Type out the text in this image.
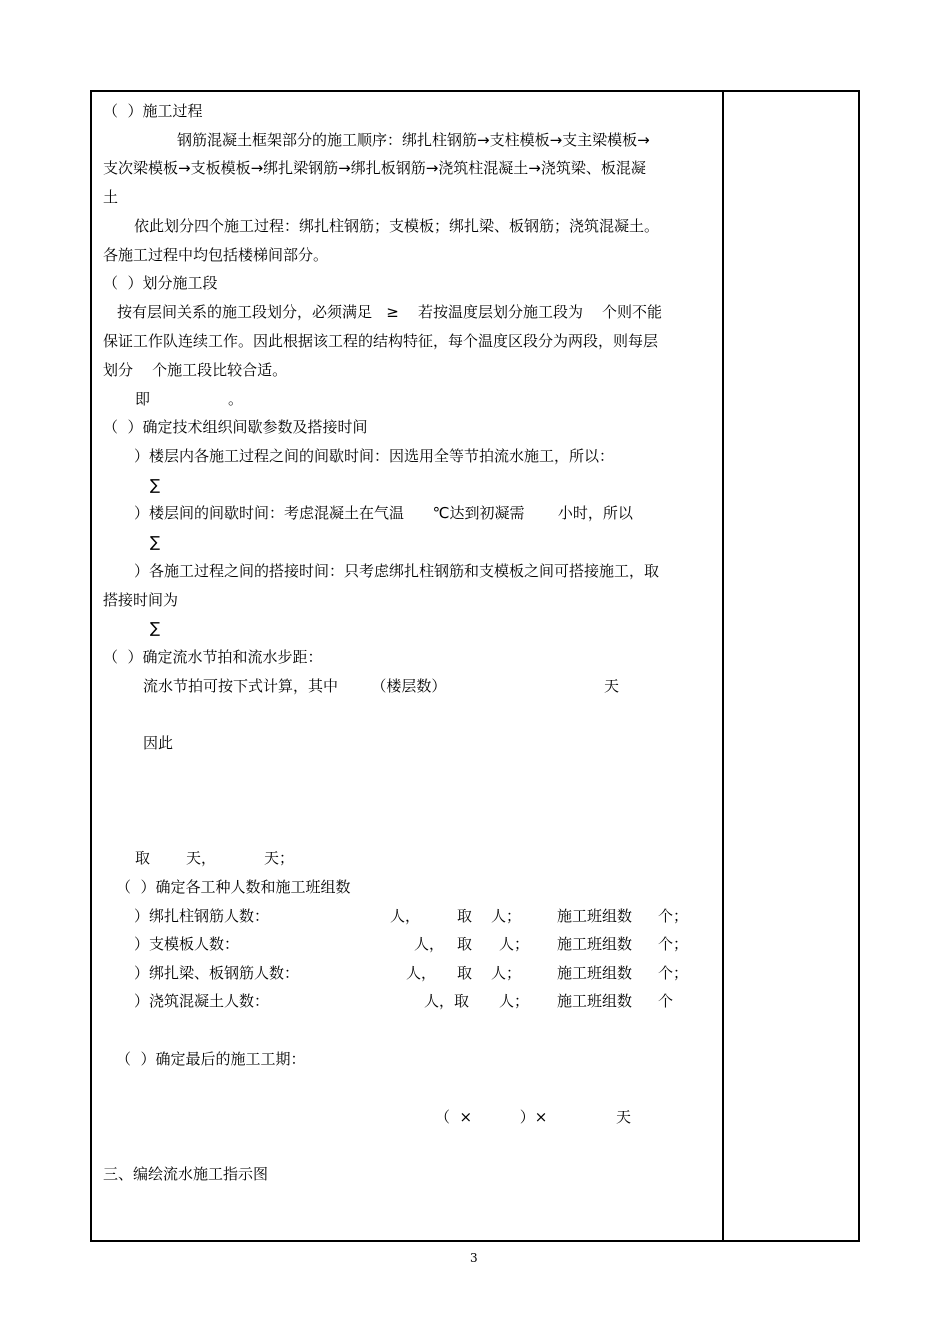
（  ）施工过程
钢筋混凝土框架部分的施工顺序：绑扎柱钢筋→支柱模板→支主梁模板→
支次梁模板→支板模板→绑扎梁钢筋→绑扎板钢筋→浇筑柱混凝土→浇筑梁、板混凝
土
依此划分四个施工过程：绑扎柱钢筋；支模板；绑扎梁、板钢筋；浇筑混凝土。
各施工过程中均包括楼梯间部分。
（  ）划分施工段
按有层间关系的施工段划分，必须满足   ≥    若按温度层划分施工段为    个则不能
保证工作队连续工作。因此根据该工程的结构特征，每个温度区段分为两段，则每层
划分    个施工段比较合适。
即	。
（  ）确定技术组织间歇参数及搭接时间
）楼层内各施工过程之间的间歇时间：因选用全等节拍流水施工，所以：
∑
）楼层间的间歇时间：考虑混凝土在气温      ℃达到初凝需       小时，所以
∑
）各施工过程之间的搭接时间：只考虑绑扎柱钢筋和支模板之间可搭接施工，取
搭接时间为
∑
（  ）确定流水节拍和流水步距：
流水节拍可按下式计算，其中       （楼层数）	天
因此
取 天，	天；
（  ）确定各工种人数和施工班组数
）绑扎柱钢筋人数：	人， 取 人； 施工班组数 个；
）支模板人数：	人， 取 人； 施工班组数 个；
）绑扎梁、板钢筋人数：	人， 取 人； 施工班组数 个；
）浇筑混凝土人数：	人，取 人； 施工班组数 个
（  ）确定最后的施工工期：
（  ×          ）×	天
三、编绘流水施工指示图
3
